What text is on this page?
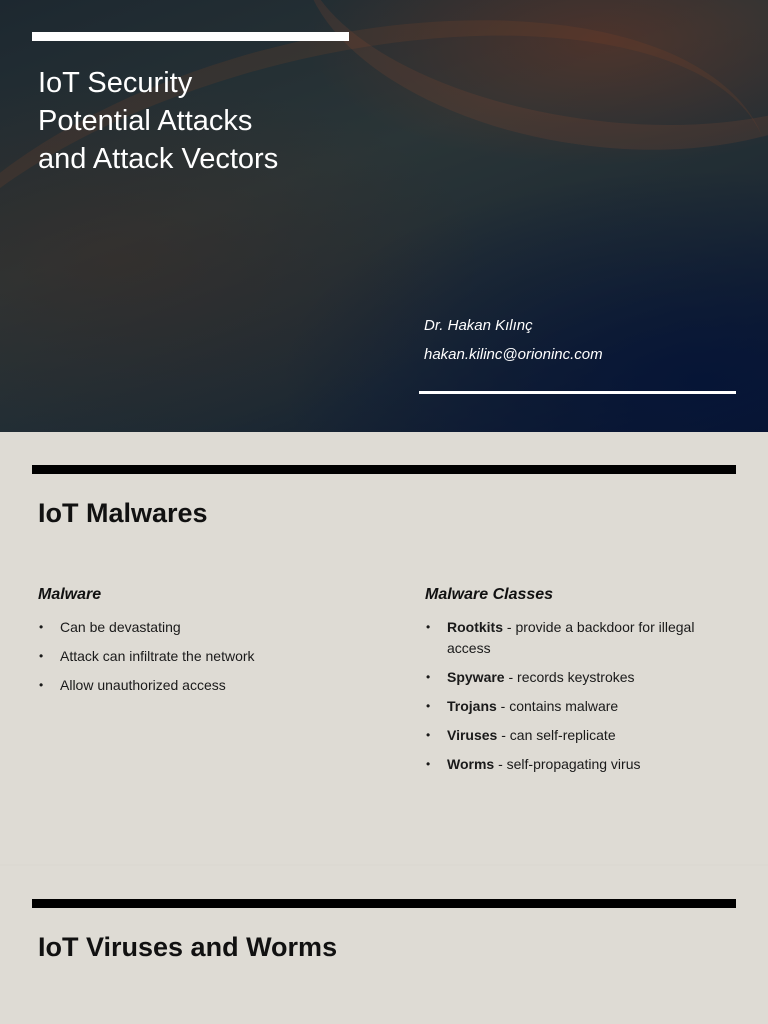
IoT Security
Potential Attacks
and Attack Vectors
Dr. Hakan Kılınç
hakan.kilinc@orioninc.com
IoT Malwares
Malware
• Can be devastating
• Attack can infiltrate the network
• Allow unauthorized access
Malware Classes
• Rootkits - provide a backdoor for illegal access
• Spyware - records keystrokes
• Trojans - contains malware
• Viruses - can self-replicate
• Worms - self-propagating virus
IoT Viruses and Worms
